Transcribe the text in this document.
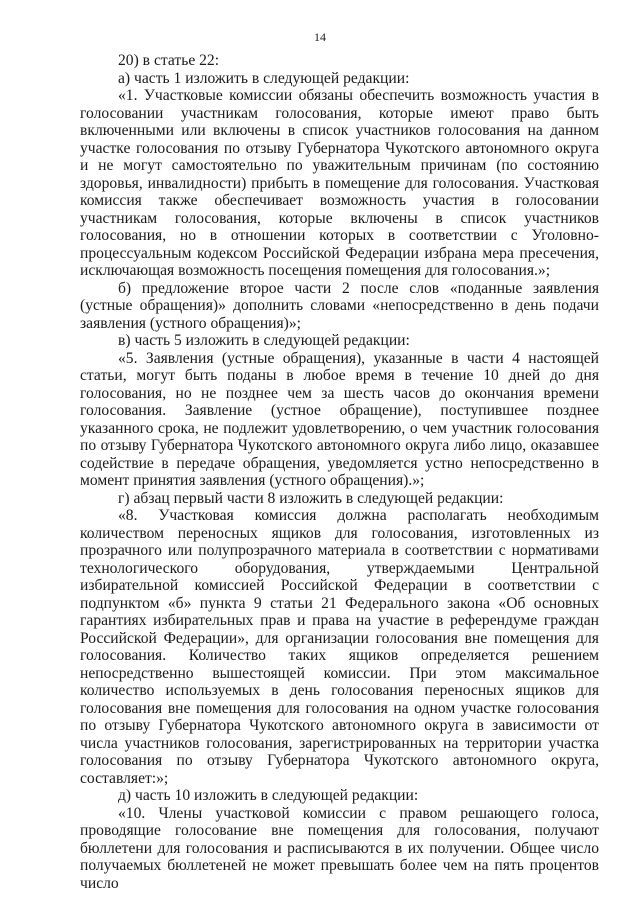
14

20) в статье 22:

а) часть 1 изложить в следующей редакции:

«1. Участковые комиссии обязаны обеспечить возможность участия в голосовании участникам голосования, которые имеют право быть включенными или включены в список участников голосования на данном участке голосования по отзыву Губернатора Чукотского автономного округа и не могут самостоятельно по уважительным причинам (по состоянию здоровья, инвалидности) прибыть в помещение для голосования. Участковая комиссия также обеспечивает возможность участия в голосовании участникам голосования, которые включены в список участников голосования, но в отношении которых в соответствии с Уголовно-процессуальным кодексом Российской Федерации избрана мера пресечения, исключающая возможность посещения помещения для голосования.»;

б) предложение второе части 2 после слов «поданные заявления (устные обращения)» дополнить словами «непосредственно в день подачи заявления (устного обращения)»;

в) часть 5 изложить в следующей редакции:

«5. Заявления (устные обращения), указанные в части 4 настоящей статьи, могут быть поданы в любое время в течение 10 дней до дня голосования, но не позднее чем за шесть часов до окончания времени голосования. Заявление (устное обращение), поступившее позднее указанного срока, не подлежит удовлетворению, о чем участник голосования по отзыву Губернатора Чукотского автономного округа либо лицо, оказавшее содействие в передаче обращения, уведомляется устно непосредственно в момент принятия заявления (устного обращения).»;

г) абзац первый части 8 изложить в следующей редакции:

«8. Участковая комиссия должна располагать необходимым количеством переносных ящиков для голосования, изготовленных из прозрачного или полупрозрачного материала в соответствии с нормативами технологического оборудования, утверждаемыми Центральной избирательной комиссией Российской Федерации в соответствии с подпунктом «б» пункта 9 статьи 21 Федерального закона «Об основных гарантиях избирательных прав и права на участие в референдуме граждан Российской Федерации», для организации голосования вне помещения для голосования. Количество таких ящиков определяется решением непосредственно вышестоящей комиссии. При этом максимальное количество используемых в день голосования переносных ящиков для голосования вне помещения для голосования на одном участке голосования по отзыву Губернатора Чукотского автономного округа в зависимости от числа участников голосования, зарегистрированных на территории участка голосования по отзыву Губернатора Чукотского автономного округа, составляет:»;

д) часть 10 изложить в следующей редакции:

«10. Члены участковой комиссии с правом решающего голоса, проводящие голосование вне помещения для голосования, получают бюллетени для голосования и расписываются в их получении. Общее число получаемых бюллетеней не может превышать более чем на пять процентов число
